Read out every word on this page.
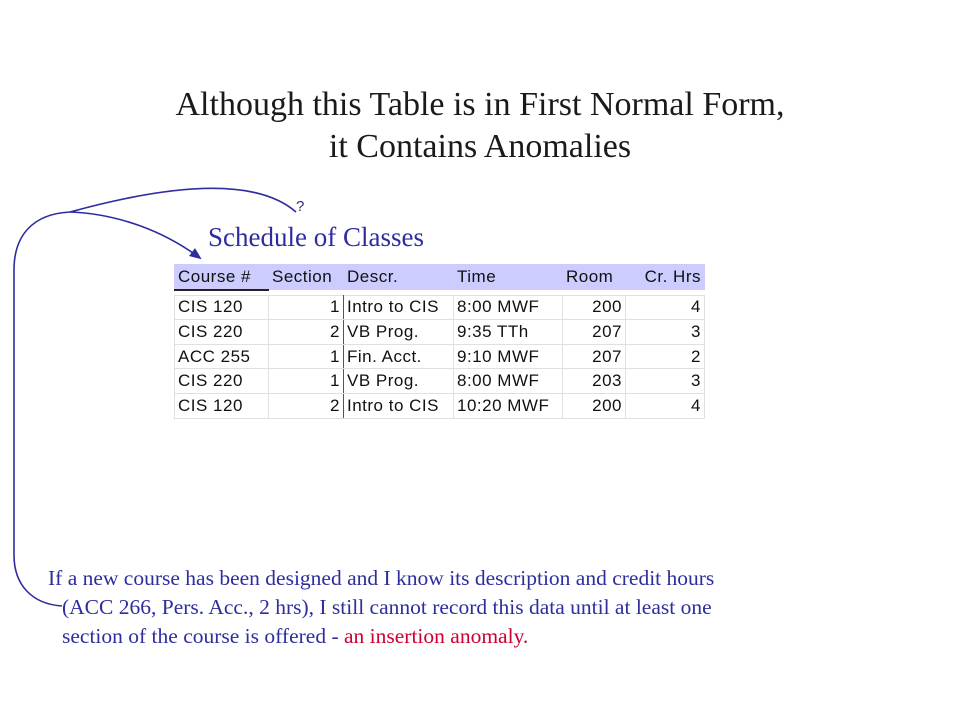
Although this Table is in First Normal Form,
it Contains Anomalies
?
Schedule of Classes
Course #	Section	Descr.	Time	Room	Cr. Hrs

CIS 120	1	Intro to CIS	8:00 MWF	200	4
CIS 220	2	VB Prog.	9:35 TTh	207	3
ACC 255	1	Fin. Acct.	9:10 MWF	207	2
CIS 220	1	VB Prog.	8:00 MWF	203	3
CIS 120	2	Intro to CIS	10:20 MWF	200	4
If a new course has been designed and I know its description and credit hours
(ACC 266, Pers. Acc., 2 hrs), I still cannot record this data until at least one
section of the course is offered - an insertion anomaly.
